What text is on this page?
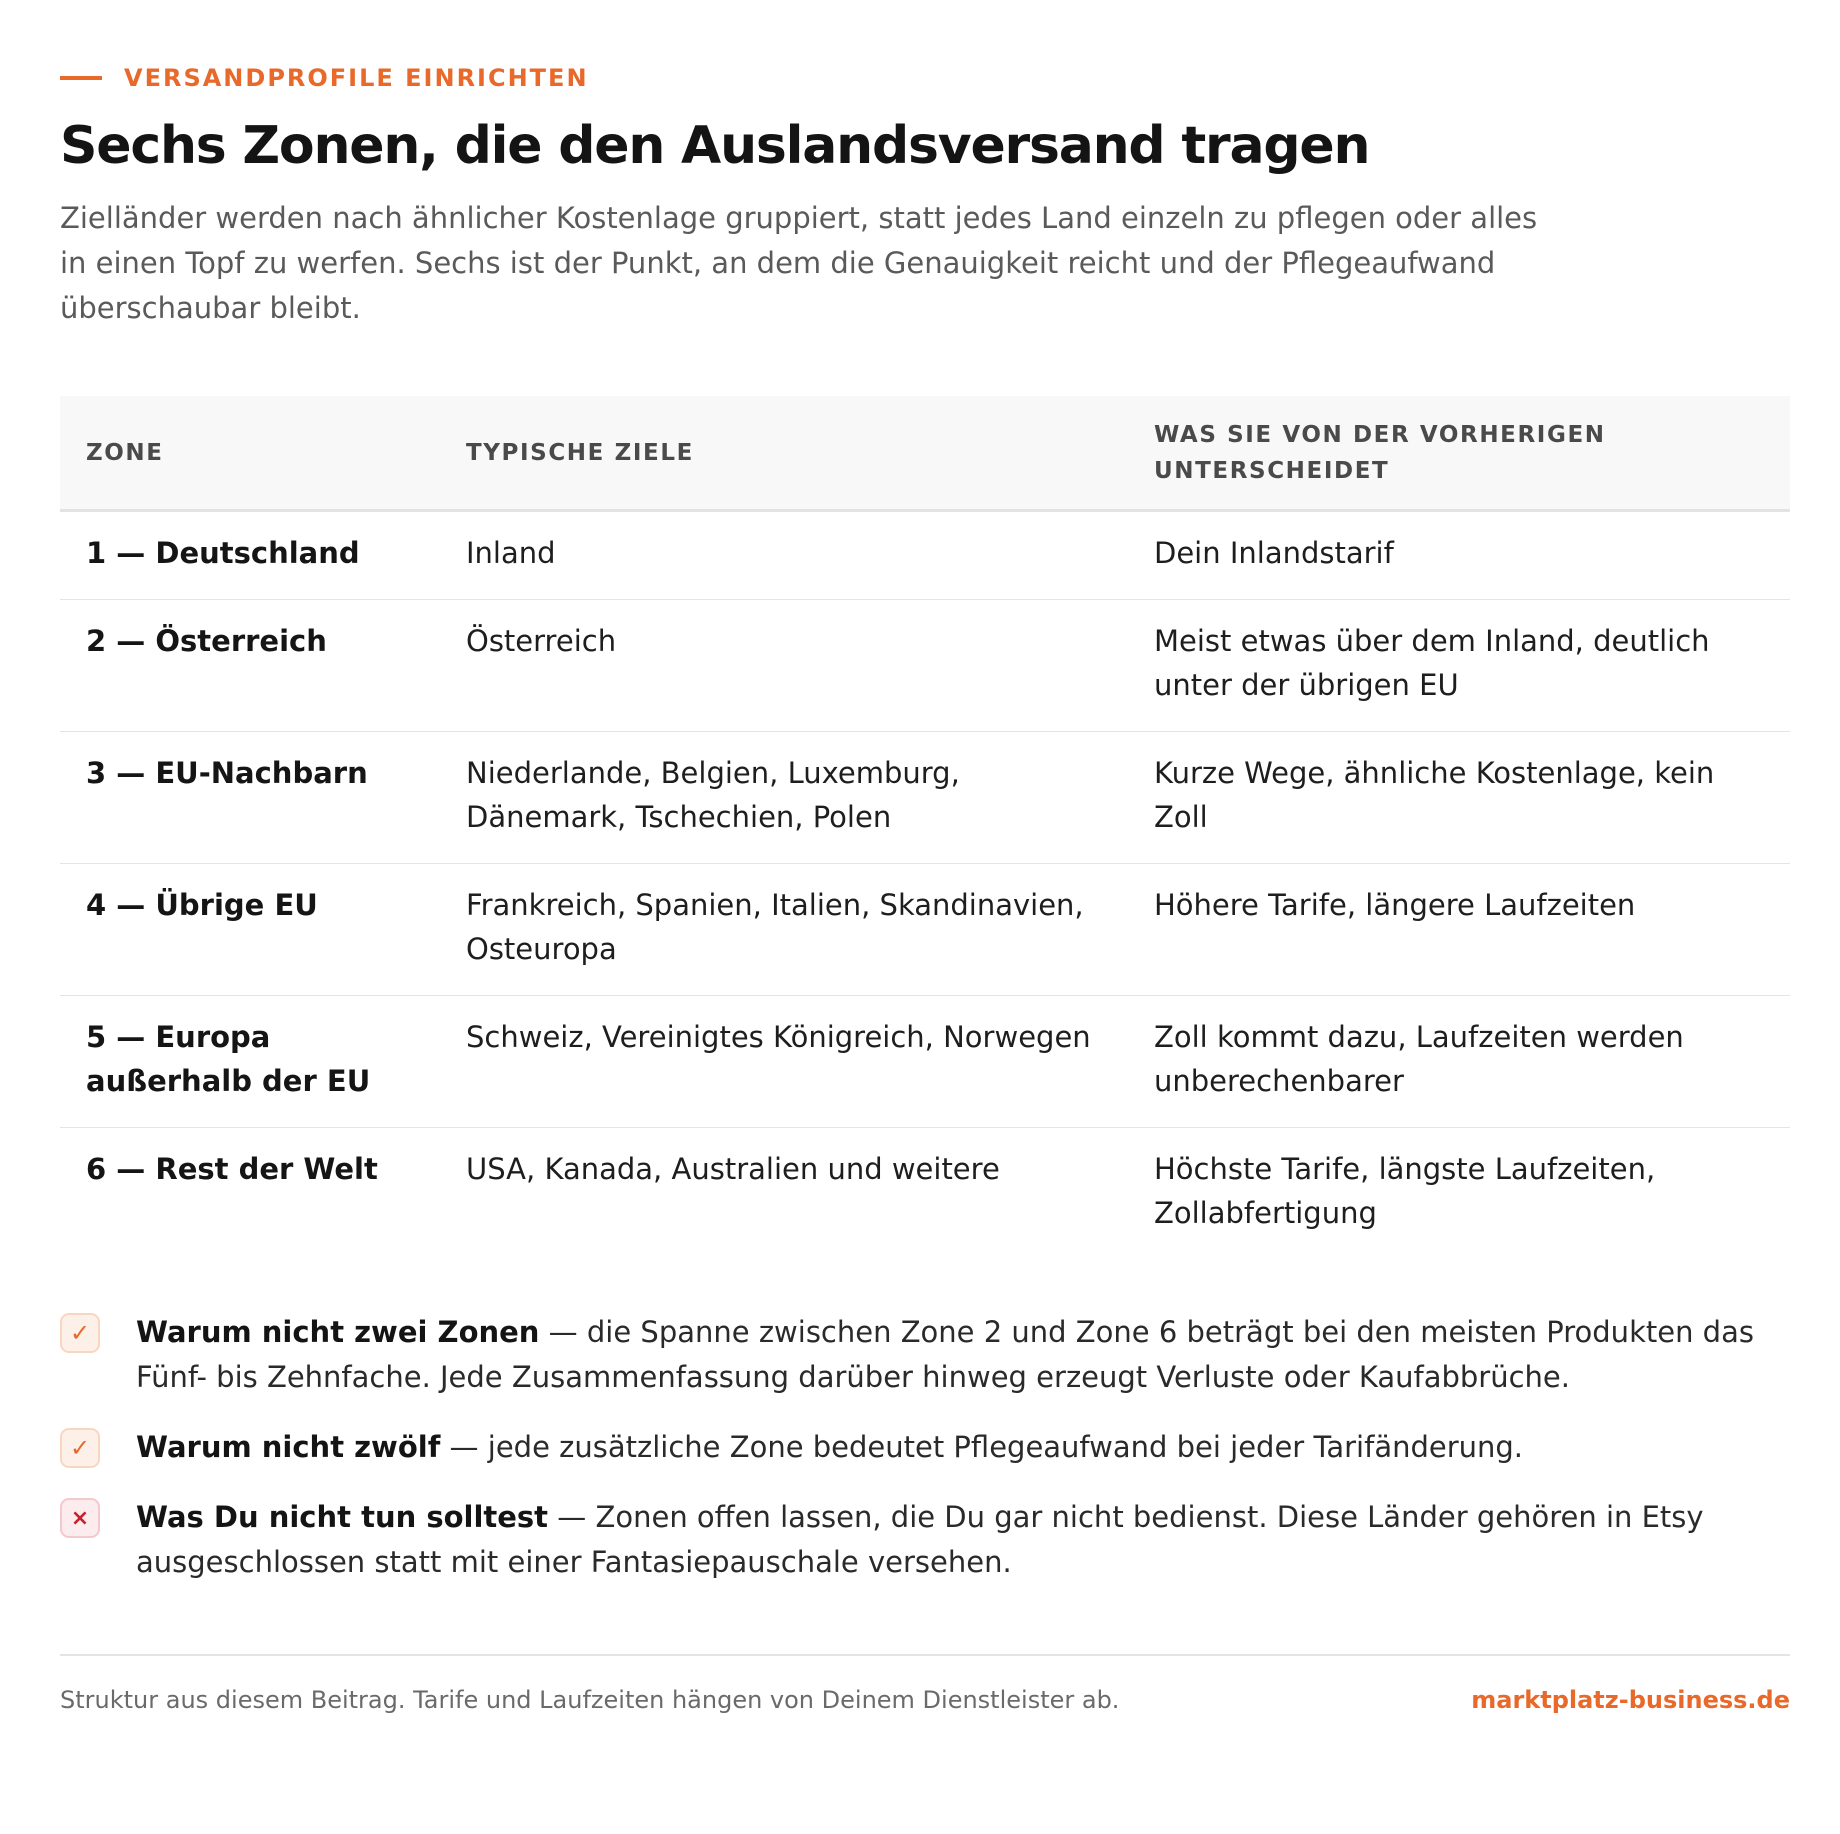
VERSANDPROFILE EINRICHTEN
Sechs Zonen, die den Auslandsversand tragen

Zielländer werden nach ähnlicher Kostenlage gruppiert, statt jedes Land einzeln zu pflegen oder alles in einen Topf zu werfen. Sechs ist der Punkt, an dem die Genauigkeit reicht und der Pflegeaufwand überschaubar bleibt.

ZONE	TYPISCHE ZIELE	WAS SIE VON DER VORHERIGEN UNTERSCHEIDET
1 — Deutschland	Inland	Dein Inlandstarif
2 — Österreich	Österreich	Meist etwas über dem Inland, deutlich unter der übrigen EU
3 — EU-Nachbarn	Niederlande, Belgien, Luxemburg, Dänemark, Tschechien, Polen	Kurze Wege, ähnliche Kostenlage, kein Zoll
4 — Übrige EU	Frankreich, Spanien, Italien, Skandinavien, Osteuropa	Höhere Tarife, längere Laufzeiten
5 — Europa außerhalb der EU	Schweiz, Vereinigtes Königreich, Norwegen	Zoll kommt dazu, Laufzeiten werden unberechenbarer
6 — Rest der Welt	USA, Kanada, Australien und weitere	Höchste Tarife, längste Laufzeiten, Zollabfertigung
✓	Warum nicht zwei Zonen — die Spanne zwischen Zone 2 und Zone 6 beträgt bei den meisten Produkten das Fünf- bis Zehnfache. Jede Zusammenfassung darüber hinweg erzeugt Verluste oder Kaufabbrüche.
✓	Warum nicht zwölf — jede zusätzliche Zone bedeutet Pflegeaufwand bei jeder Tarifänderung.
×	Was Du nicht tun solltest — Zonen offen lassen, die Du gar nicht bedienst. Diese Länder gehören in Etsy ausgeschlossen statt mit einer Fantasiepauschale versehen.
Struktur aus diesem Beitrag. Tarife und Laufzeiten hängen von Deinem Dienstleister ab.	marktplatz-business.de
